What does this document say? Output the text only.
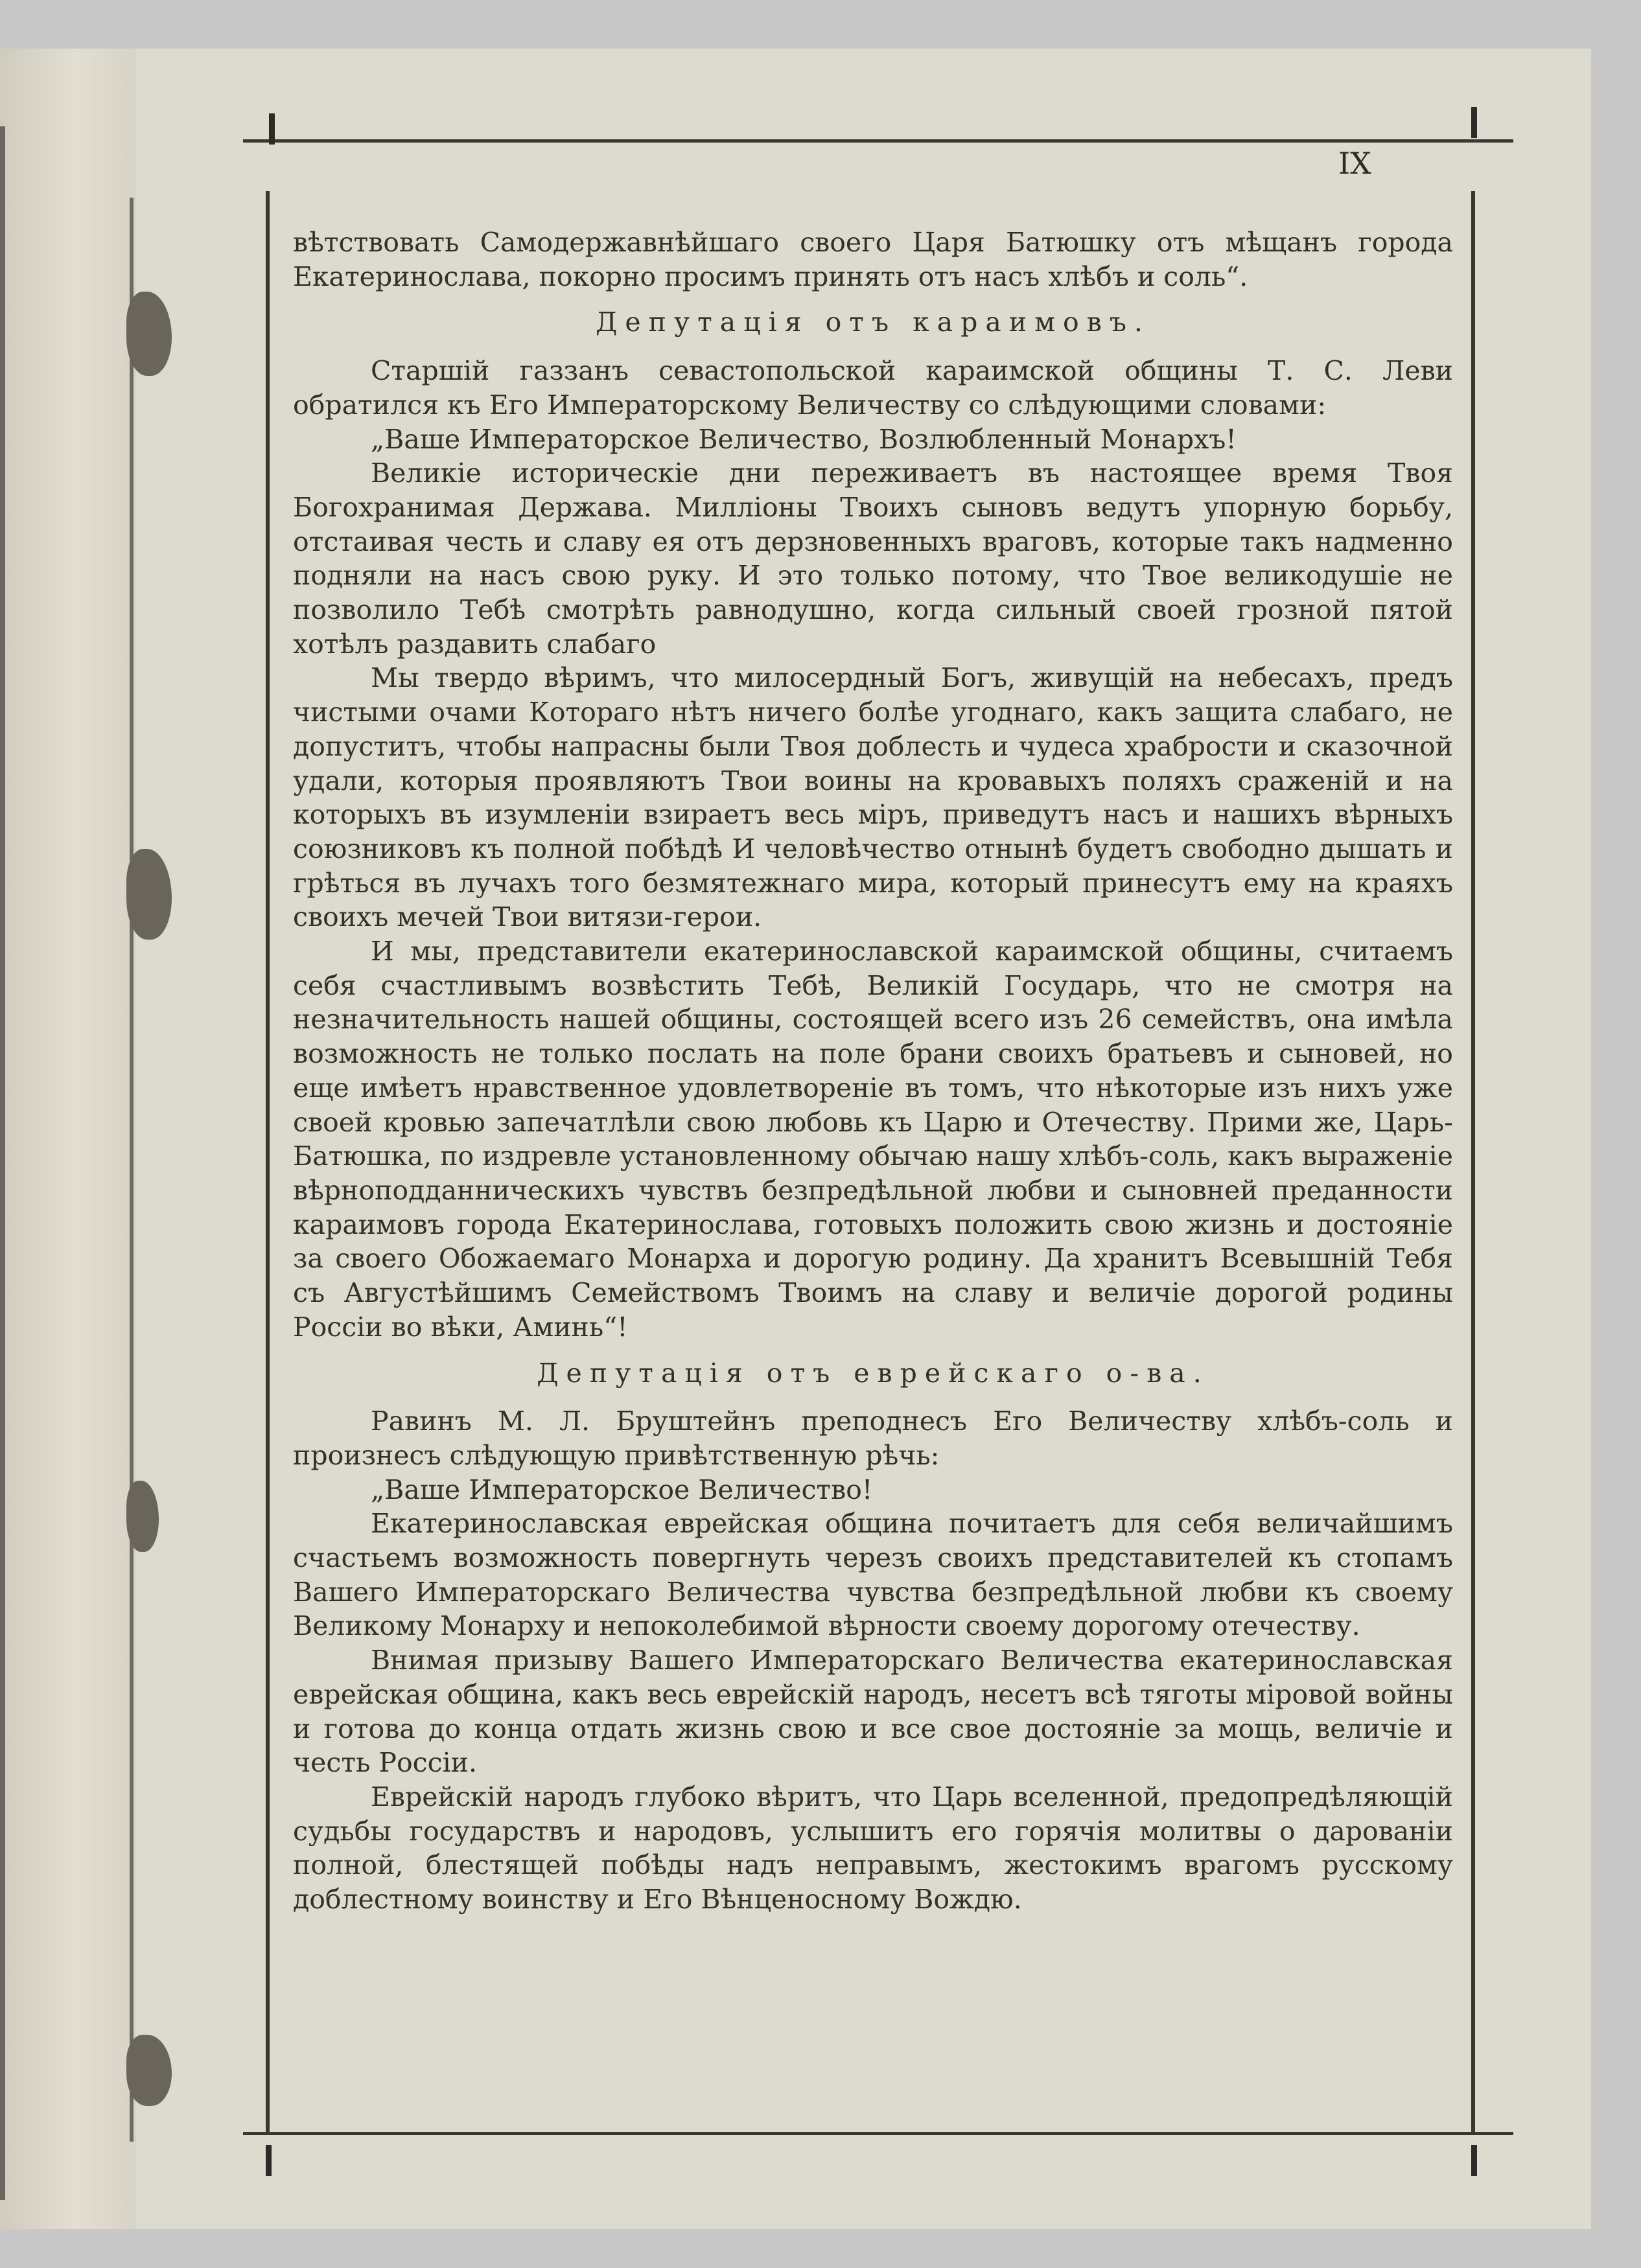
IX

вѣтствовать Самодержавнѣйшаго своего Царя Батюшку отъ мѣщанъ города Екатеринослава, покорно просимъ принять отъ насъ хлѣбъ и соль“.

Депутація отъ караимовъ.

Старшій газзанъ севастопольской караимской общины Т. С. Леви обратился къ Его Императорскому Величеству со слѣдующими словами:

„Ваше Императорское Величество, Возлюбленный Монархъ!

Великіе историческіе дни переживаетъ въ настоящее время Твоя Богохранимая Держава. Милліоны Твоихъ сыновъ ведутъ упорную борьбу, отстаивая честь и славу ея отъ дерзновенныхъ враговъ, которые такъ надменно подняли на насъ свою руку. И это только потому, что Твое великодушіе не позволило Тебѣ смотрѣть равнодушно, когда сильный своей грозной пятой хотѣлъ раздавить слабаго

Мы твердо вѣримъ, что милосердный Богъ, живущій на небесахъ, предъ чистыми очами Котораго нѣтъ ничего болѣе угоднаго, какъ защита слабаго, не допуститъ, чтобы напрасны были Твоя доблесть и чудеса храбрости и сказочной удали, которыя проявляютъ Твои воины на кровавыхъ поляхъ сраженій и на которыхъ въ изумленіи взираетъ весь міръ, приведутъ насъ и нашихъ вѣрныхъ союзниковъ къ полной побѣдѣ И человѣчество отнынѣ будетъ свободно дышать и грѣться въ лучахъ того безмятежнаго мира, который принесутъ ему на краяхъ своихъ мечей Твои витязи-герои.

И мы, представители екатеринославской караимской общины, считаемъ себя счастливымъ возвѣстить Тебѣ, Великій Государь, что не смотря на незначительность нашей общины, состоящей всего изъ 26 семействъ, она имѣла возможность не только послать на поле брани своихъ братьевъ и сыновей, но еще имѣетъ нравственное удовлетвореніе въ томъ, что нѣкоторые изъ нихъ уже своей кровью запечатлѣли свою любовь къ Царю и Отечеству. Прими же, Царь-Батюшка, по издревле установленному обычаю нашу хлѣбъ-соль, какъ выраженіе вѣрноподданническихъ чувствъ безпредѣльной любви и сыновней преданности караимовъ города Екатеринослава, готовыхъ положить свою жизнь и достояніе за своего Обожаемаго Монарха и дорогую родину. Да хранитъ Всевышній Тебя съ Августѣйшимъ Семействомъ Твоимъ на славу и величіе дорогой родины Россіи во вѣки, Аминь“!

Депутація отъ еврейскаго о-ва.

Равинъ М. Л. Бруштейнъ преподнесъ Его Величеству хлѣбъ-соль и произнесъ слѣдующую привѣтственную рѣчь:

„Ваше Императорское Величество!

Екатеринославская еврейская община почитаетъ для себя величайшимъ счастьемъ возможность повергнуть черезъ своихъ представителей къ стопамъ Вашего Императорскаго Величества чувства безпредѣльной любви къ своему Великому Монарху и непоколебимой вѣрности своему дорогому отечеству.

Внимая призыву Вашего Императорскаго Величества екатеринославская еврейская община, какъ весь еврейскій народъ, несетъ всѣ тяготы міровой войны и готова до конца отдать жизнь свою и все свое достояніе за мощь, величіе и честь Россіи.

Еврейскій народъ глубоко вѣритъ, что Царь вселенной, предопредѣляющій судьбы государствъ и народовъ, услышитъ его горячія молитвы о дарованіи полной, блестящей побѣды надъ неправымъ, жестокимъ врагомъ русскому доблестному воинству и Его Вѣнценосному Вождю.
